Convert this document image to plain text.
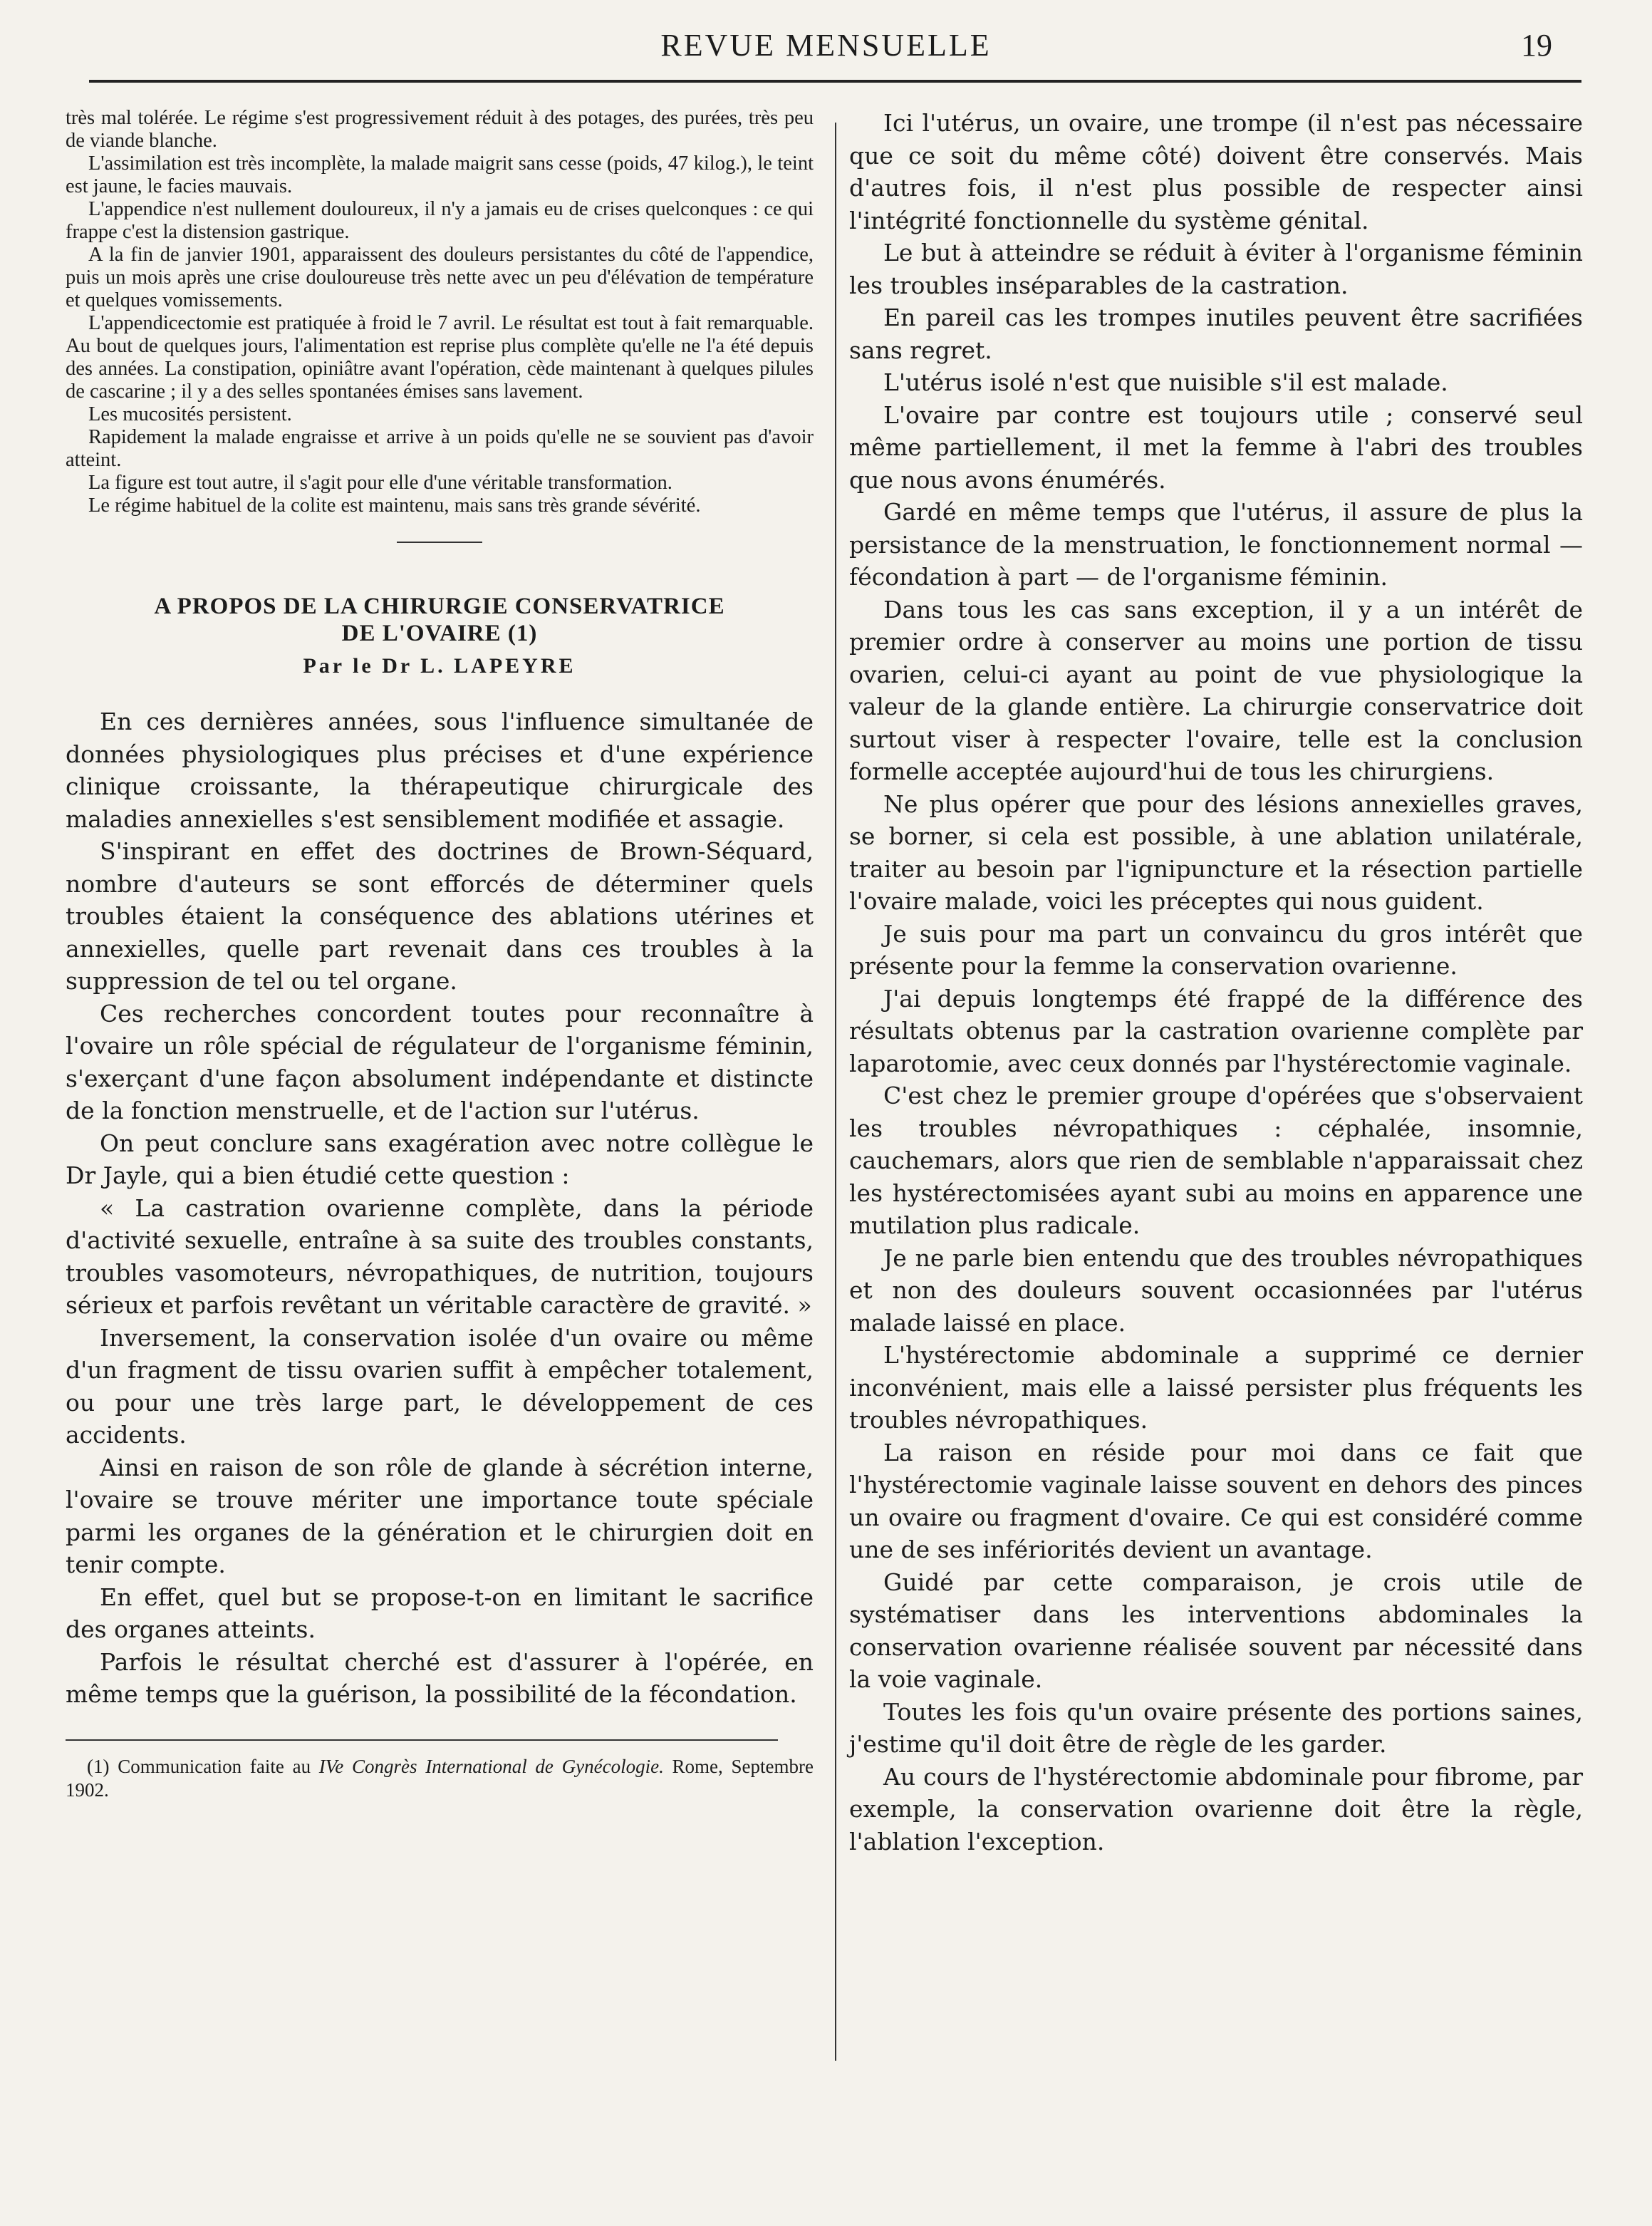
REVUE MENSUELLE	19

très mal tolérée. Le régime s'est progressivement réduit à des potages, des purées, très peu de viande blanche.

L'assimilation est très incomplète, la malade maigrit sans cesse (poids, 47 kilog.), le teint est jaune, le facies mauvais.

L'appendice n'est nullement douloureux, il n'y a jamais eu de crises quelconques : ce qui frappe c'est la distension gastrique.

A la fin de janvier 1901, apparaissent des douleurs persistantes du côté de l'appendice, puis un mois après une crise douloureuse très nette avec un peu d'élévation de température et quelques vomissements.

L'appendicectomie est pratiquée à froid le 7 avril. Le résultat est tout à fait remarquable. Au bout de quelques jours, l'alimentation est reprise plus complète qu'elle ne l'a été depuis des années. La constipation, opiniâtre avant l'opération, cède maintenant à quelques pilules de cascarine ; il y a des selles spontanées émises sans lavement.

Les mucosités persistent.

Rapidement la malade engraisse et arrive à un poids qu'elle ne se souvient pas d'avoir atteint.

La figure est tout autre, il s'agit pour elle d'une véritable transformation.

Le régime habituel de la colite est maintenu, mais sans très grande sévérité.

A PROPOS DE LA CHIRURGIE CONSERVATRICE
DE L'OVAIRE (1)
Par le Dr L. LAPEYRE

En ces dernières années, sous l'influence simultanée de données physiologiques plus précises et d'une expérience clinique croissante, la thérapeutique chirurgicale des maladies annexielles s'est sensiblement modifiée et assagie.

S'inspirant en effet des doctrines de Brown-Séquard, nombre d'auteurs se sont efforcés de déterminer quels troubles étaient la conséquence des ablations utérines et annexielles, quelle part revenait dans ces troubles à la suppression de tel ou tel organe.

Ces recherches concordent toutes pour reconnaître à l'ovaire un rôle spécial de régulateur de l'organisme féminin, s'exerçant d'une façon absolument indépendante et distincte de la fonction menstruelle, et de l'action sur l'utérus.

On peut conclure sans exagération avec notre collègue le Dr Jayle, qui a bien étudié cette question :

« La castration ovarienne complète, dans la période d'activité sexuelle, entraîne à sa suite des troubles constants, troubles vasomoteurs, névropathiques, de nutrition, toujours sérieux et parfois revêtant un véritable caractère de gravité. »

Inversement, la conservation isolée d'un ovaire ou même d'un fragment de tissu ovarien suffit à empêcher totalement, ou pour une très large part, le développement de ces accidents.

Ainsi en raison de son rôle de glande à sécrétion interne, l'ovaire se trouve mériter une importance toute spéciale parmi les organes de la génération et le chirurgien doit en tenir compte.

En effet, quel but se propose-t-on en limitant le sacrifice des organes atteints.

Parfois le résultat cherché est d'assurer à l'opérée, en même temps que la guérison, la possibilité de la fécondation.

(1) Communication faite au IVe Congrès International de Gynécologie. Rome, Septembre 1902.

Ici l'utérus, un ovaire, une trompe (il n'est pas nécessaire que ce soit du même côté) doivent être conservés. Mais d'autres fois, il n'est plus possible de respecter ainsi l'intégrité fonctionnelle du système génital.

Le but à atteindre se réduit à éviter à l'organisme féminin les troubles inséparables de la castration.

En pareil cas les trompes inutiles peuvent être sacrifiées sans regret.

L'utérus isolé n'est que nuisible s'il est malade.

L'ovaire par contre est toujours utile ; conservé seul même partiellement, il met la femme à l'abri des troubles que nous avons énumérés.

Gardé en même temps que l'utérus, il assure de plus la persistance de la menstruation, le fonctionnement normal — fécondation à part — de l'organisme féminin.

Dans tous les cas sans exception, il y a un intérêt de premier ordre à conserver au moins une portion de tissu ovarien, celui-ci ayant au point de vue physiologique la valeur de la glande entière. La chirurgie conservatrice doit surtout viser à respecter l'ovaire, telle est la conclusion formelle acceptée aujourd'hui de tous les chirurgiens.

Ne plus opérer que pour des lésions annexielles graves, se borner, si cela est possible, à une ablation unilatérale, traiter au besoin par l'ignipuncture et la résection partielle l'ovaire malade, voici les préceptes qui nous guident.

Je suis pour ma part un convaincu du gros intérêt que présente pour la femme la conservation ovarienne.

J'ai depuis longtemps été frappé de la différence des résultats obtenus par la castration ovarienne complète par laparotomie, avec ceux donnés par l'hystérectomie vaginale.

C'est chez le premier groupe d'opérées que s'observaient les troubles névropathiques : céphalée, insomnie, cauchemars, alors que rien de semblable n'apparaissait chez les hystérectomisées ayant subi au moins en apparence une mutilation plus radicale.

Je ne parle bien entendu que des troubles névropathiques et non des douleurs souvent occasionnées par l'utérus malade laissé en place.

L'hystérectomie abdominale a supprimé ce dernier inconvénient, mais elle a laissé persister plus fréquents les troubles névropathiques.

La raison en réside pour moi dans ce fait que l'hystérectomie vaginale laisse souvent en dehors des pinces un ovaire ou fragment d'ovaire. Ce qui est considéré comme une de ses infériorités devient un avantage.

Guidé par cette comparaison, je crois utile de systématiser dans les interventions abdominales la conservation ovarienne réalisée souvent par nécessité dans la voie vaginale.

Toutes les fois qu'un ovaire présente des portions saines, j'estime qu'il doit être de règle de les garder.

Au cours de l'hystérectomie abdominale pour fibrome, par exemple, la conservation ovarienne doit être la règle, l'ablation l'exception.
